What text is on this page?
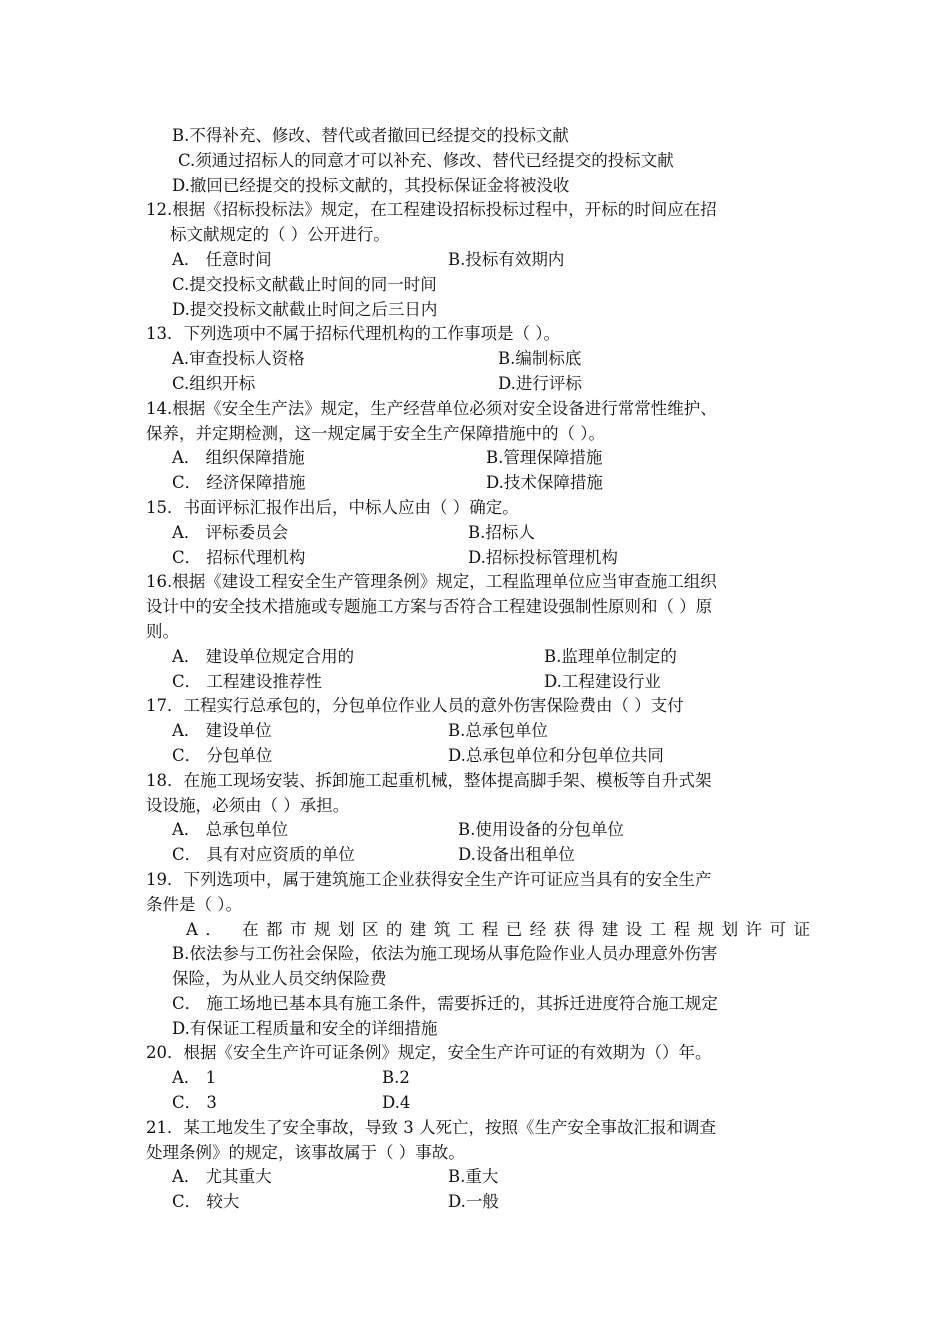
B.不得补充、修改、替代或者撤回已经提交的投标文献
C.须通过招标人的同意才可以补充、修改、替代已经提交的投标文献
D.撤回已经提交的投标文献的，其投标保证金将被没收
12.根据《招标投标法》规定，在工程建设招标投标过程中，开标的时间应在招
标文献规定的（ ）公开进行。
A． 任意时间	B.投标有效期内
C.提交投标文献截止时间的同一时间
D.提交投标文献截止时间之后三日内
13．下列选项中不属于招标代理机构的工作事项是（ ）。
A.审查投标人资格	B.编制标底
C.组织开标	D.进行评标
14.根据《安全生产法》规定，生产经营单位必须对安全设备进行常常性维护、
保养，并定期检测，这一规定属于安全生产保障措施中的（ ）。
A． 组织保障措施	B.管理保障措施
C． 经济保障措施	D.技术保障措施
15．书面评标汇报作出后，中标人应由（ ）确定。
A． 评标委员会	B.招标人
C． 招标代理机构	D.招标投标管理机构
16.根据《建设工程安全生产管理条例》规定，工程监理单位应当审查施工组织
设计中的安全技术措施或专题施工方案与否符合工程建设强制性原则和（ ）原
则。
A． 建设单位规定合用的	B.监理单位制定的
C． 工程建设推荐性	D.工程建设行业
17．工程实行总承包的，分包单位作业人员的意外伤害保险费由（ ）支付
A． 建设单位	B.总承包单位
C． 分包单位	D.总承包单位和分包单位共同
18．在施工现场安装、拆卸施工起重机械，整体提高脚手架、模板等自升式架
设设施，必须由（ ）承担。
A． 总承包单位	B.使用设备的分包单位
C． 具有对应资质的单位	D.设备出租单位
19．下列选项中，属于建筑施工企业获得安全生产许可证应当具有的安全生产
条件是（ ）。
A． 在都市规划区的建筑工程已经获得建设工程规划许可证
B.依法参与工伤社会保险，依法为施工现场从事危险作业人员办理意外伤害
保险，为从业人员交纳保险费
C． 施工场地已基本具有施工条件，需要拆迁的，其拆迁进度符合施工规定
D.有保证工程质量和安全的详细措施
20．根据《安全生产许可证条例》规定，安全生产许可证的有效期为（）年。
A． 1	B.2
C． 3	D.4
21．某工地发生了安全事故，导致 3 人死亡，按照《生产安全事故汇报和调查
处理条例》的规定，该事故属于（ ）事故。
A． 尤其重大	B.重大
C． 较大	D.一般
